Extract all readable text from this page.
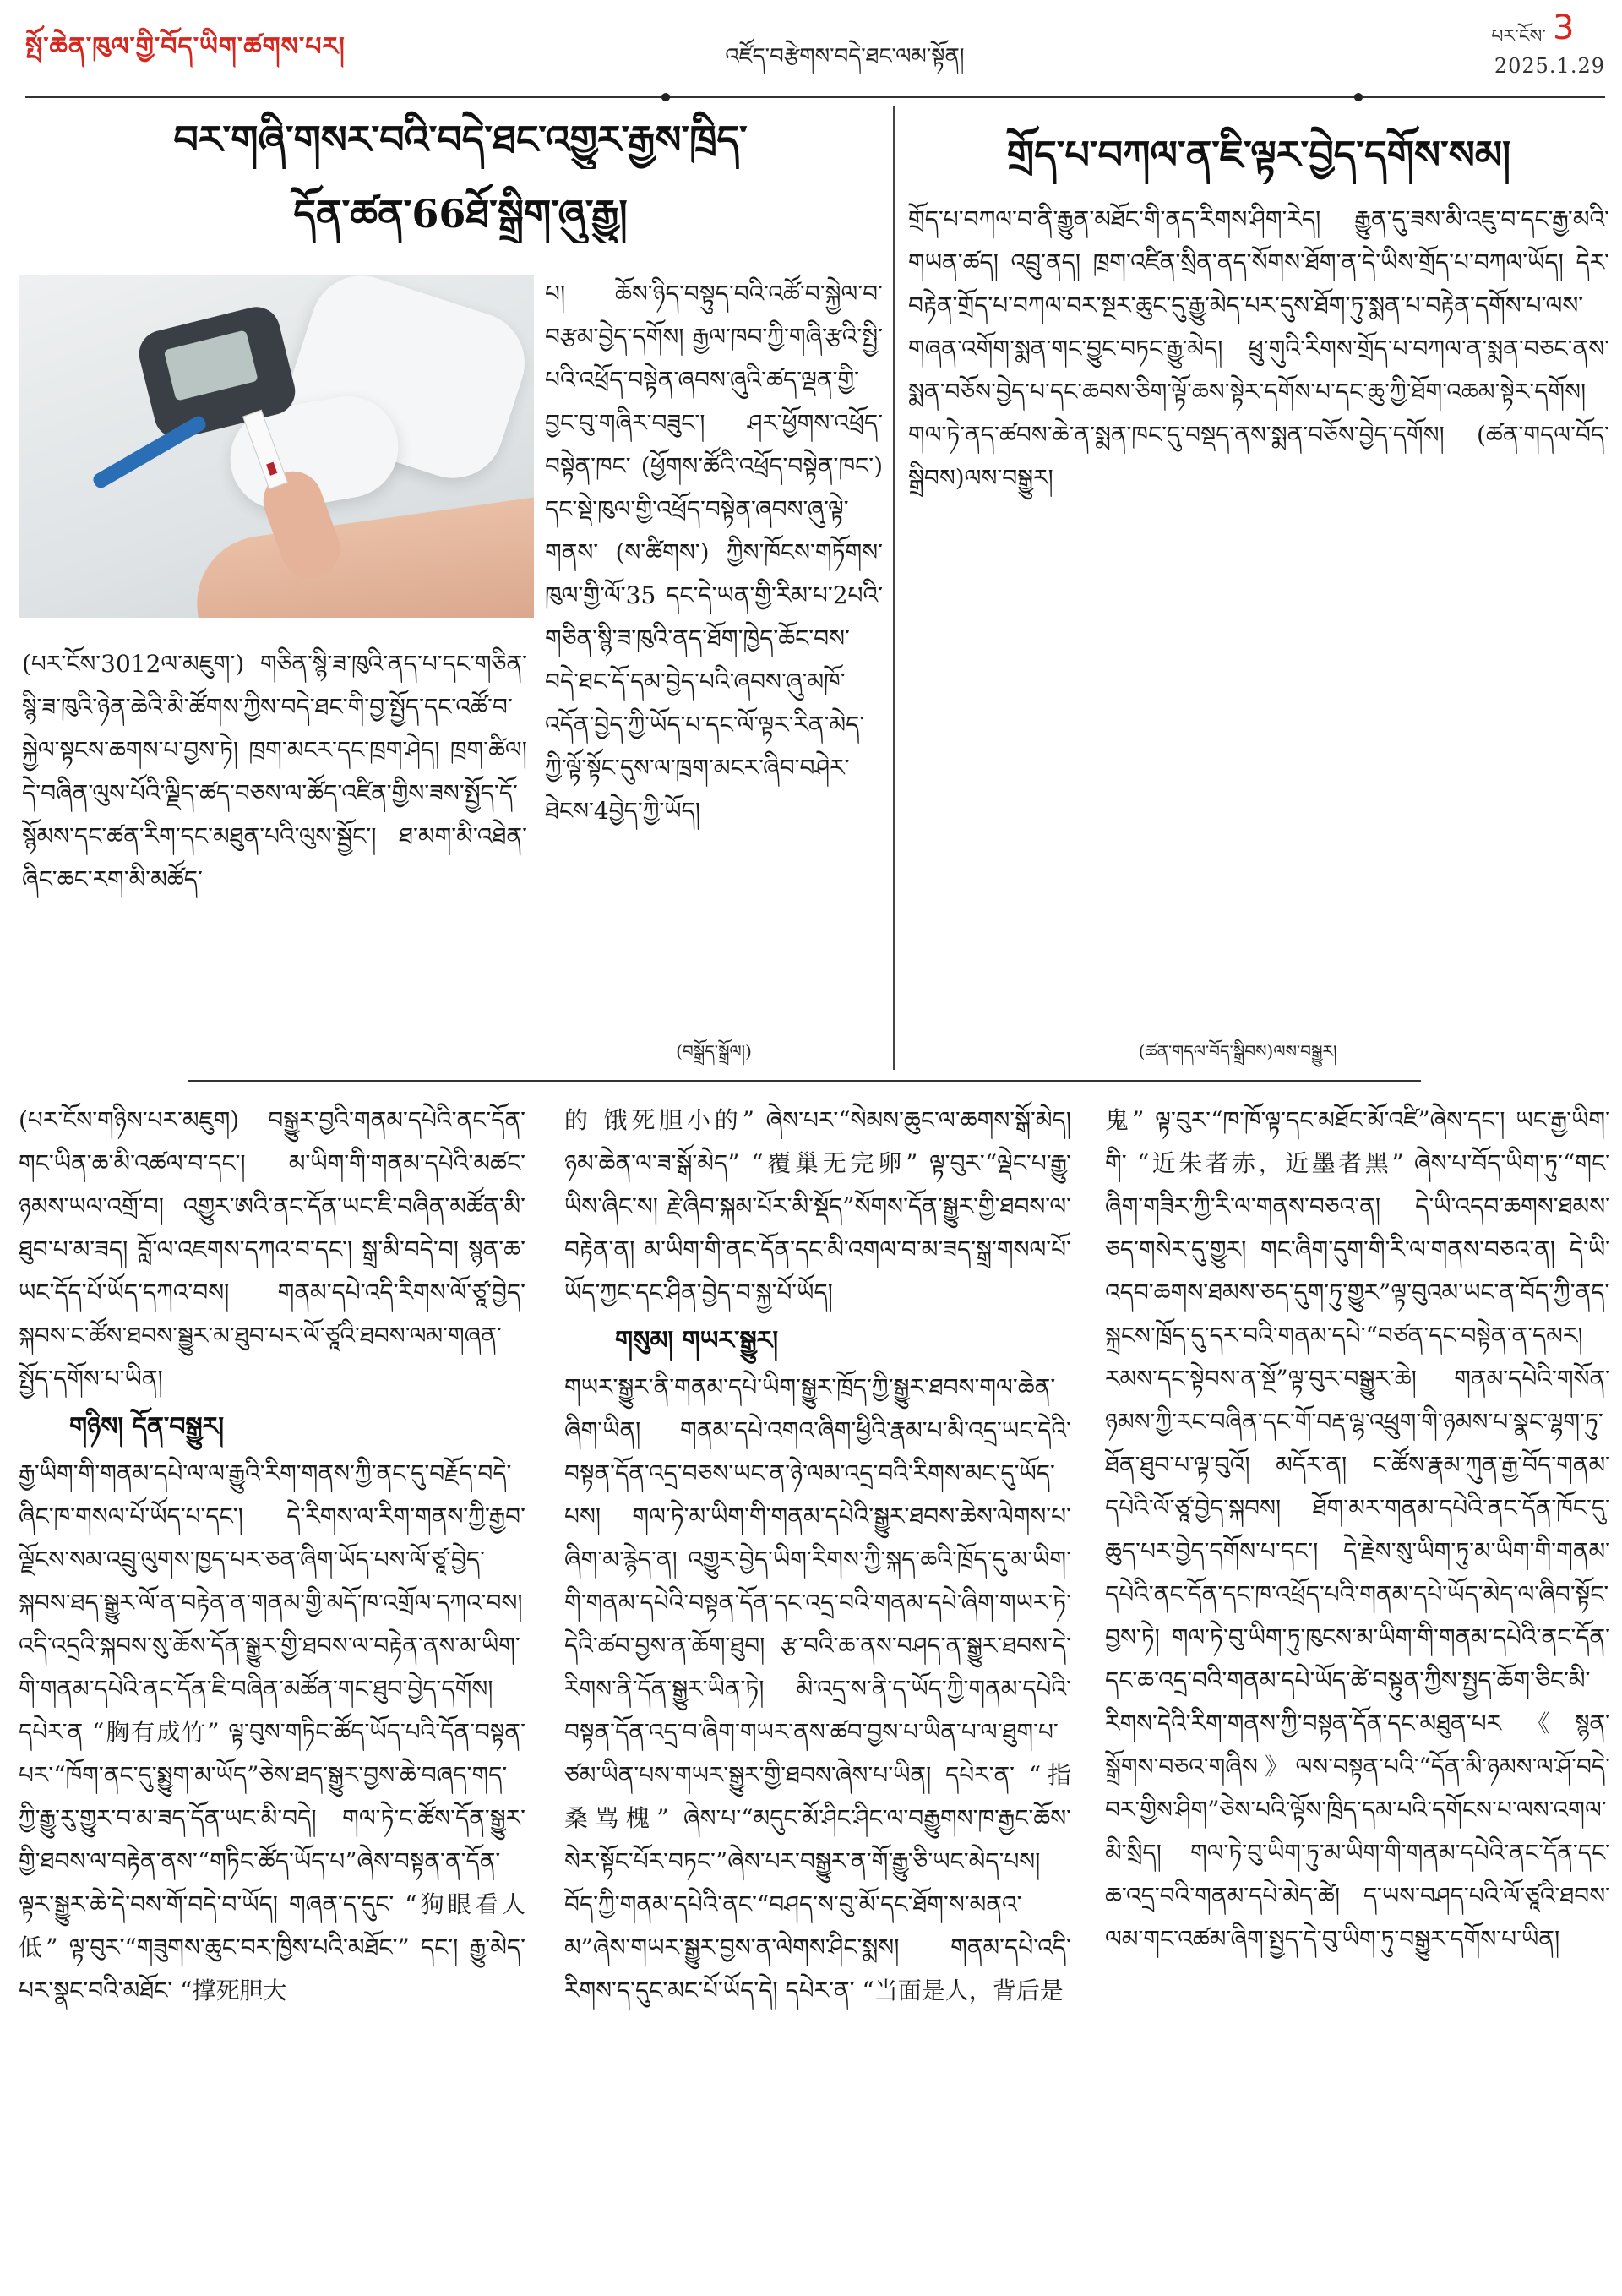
སྤོ་ཆེན་ཁུལ་གྱི་བོད་ཡིག་ཚགས་པར།	འཛོད་བརྩེགས་བདེ་ཐང་ལམ་སྟོན།
པར་ངོས་ 3
2025.1.29
བར་གཞི་གསར་བའི་བདེ་ཐང་འགྱུར་རྒྱས་ཁྲིད་
དོན་ཚན་66ཐོ་སྒྲིག་ཞུ་རྒྱུ།
(པར་ངོས་3012ལ་མཇུག་) གཅིན་སྙི་ཟ་ཁུའི་ནད་པ་དང་གཅིན་སྙི་ཟ་ཁུའི་ཉེན་ཆེའི་མི་ཚོགས་ཀྱིས་བདེ་ཐང་གི་བྱ་སྤྱོད་དང་འཚོ་བ་སྐྱེལ་སྟངས་ཆགས་པ་བྱས་ཏེ། ཁྲག་མངར་དང་ཁྲག་ཤེད། ཁྲག་ཚིལ། དེ་བཞིན་ལུས་པོའི་ལྗིད་ཚད་བཅས་ལ་ཚོད་འཛིན་གྱིས་ཟས་སྤྱོད་དོ་སྙོམས་དང་ཚན་རིག་དང་མཐུན་པའི་ལུས་སྦྱོང་། ཐ་མག་མི་འཐེན་ཞིང་ཆང་རག་མི་མཚོད་
པ། ཆོས་ཉིད་བསྟུད་བའི་འཚོ་བ་སྐྱེལ་བ་བརྩམ་བྱེད་དགོས། རྒྱལ་ཁབ་ཀྱི་གཞི་རྩའི་སྤྱི་པའི་འཕྲོད་བསྟེན་ཞབས་ཞུའི་ཚད་ལྡན་གྱི་བྱང་བུ་གཞིར་བཟུང་། ཤར་ཕྱོགས་འཕྲོད་བསྟེན་ཁང་ (ཕྱོགས་ཚོའི་འཕྲོད་བསྟེན་ཁང་) དང་སྡེ་ཁུལ་གྱི་འཕྲོད་བསྟེན་ཞབས་ཞུ་ལྟེ་གནས་ (ས་ཚིགས་) ཀྱིས་ཁོངས་གཏོགས་ཁུལ་གྱི་ལོ་35 དང་དེ་ཡན་གྱི་རིམ་པ་2པའི་གཅིན་སྙི་ཟ་ཁུའི་ནད་ཐོག་ཁྱེད་ཆོང་བས་བདེ་ཐང་དོ་དམ་བྱེད་པའི་ཞབས་ཞུ་མཁོ་འདོན་བྱེད་ཀྱི་ཡོད་པ་དང་ལོ་ལྟར་རིན་མེད་ཀྱི་ལྟོ་སྟོང་དུས་ལ་ཁྲག་མངར་ཞིབ་བཤེར་ཐེངས་4བྱེད་ཀྱི་ཡོད།
(བསྒྲོད་སྒྲོལ།)
གྲོད་པ་བཀལ་ན་ཇི་ལྟར་བྱེད་དགོས་སམ།
གྲོད་པ་བཀལ་བ་ནི་རྒྱུན་མཐོང་གི་ནད་རིགས་ཤིག་རེད། རྒྱུན་དུ་ཟས་མི་འཇུ་བ་དང་རྒྱ་མའི་གཡན་ཚད། འབྲུ་ནད། ཁྲག་འཛིན་སྲིན་ནད་སོགས་ཐོག་ན་དེ་ཡིས་གྲོད་པ་བཀལ་ཡོད། དེར་བརྟེན་གྲོད་པ་བཀལ་བར་སྔར་ཆུང་དུ་རྒྱུ་མེད་པར་དུས་ཐོག་ཏུ་སྨན་པ་བརྟེན་དགོས་པ་ལས་གཞན་འགོག་སྨན་གང་བྱུང་བཏང་རྒྱུ་མེད། ཕྲུ་གུའི་རིགས་གྲོད་པ་བཀལ་ན་སྨན་བཅང་ནས་སྨན་བཅོས་བྱེད་པ་དང་ཆབས་ཅིག་ལྟོ་ཆས་སྟེར་དགོས་པ་དང་ཆུ་ཀྱི་ཐོག་འཆམ་སྟེར་དགོས། གལ་ཏེ་ནད་ཚབས་ཆེ་ན་སྨན་ཁང་དུ་བསྡད་ནས་སྨན་བཅོས་བྱེད་དགོས། (ཚན་གདལ་བོད་སྒྲིབས)ལས་བསྒྱུར།
(ཚན་གདལ་བོད་སྒྲིབས)ལས་བསྒྱུར།
(པར་ངོས་གཉིས་པར་མཇུག) བསྒྱུར་བྱའི་གནམ་དཔེའི་ནང་དོན་གང་ཡིན་ཆ་མི་འཚལ་བ་དང་། མ་ཡིག་གི་གནམ་དཔེའི་མཚང་ཉམས་ཡལ་འགྲོ་བ། འགྱུར་ཨའི་ནང་དོན་ཡང་ཇི་བཞིན་མཚོན་མི་ཐུབ་པ་མ་ཟད། བློ་ལ་འཇགས་དཀའ་བ་དང་། སྒྲ་མི་བདེ་བ། སྙན་ཆ་ཡང་དོད་པོ་ཡོད་དཀའ་བས། གནམ་དཔེ་འདི་རིགས་ལོ་ཙཱ་བྱེད་སྐབས་ང་ཚོས་ཐབས་སྦྱུར་མ་ཐུབ་པར་ལོ་ཙཱའི་ཐབས་ལམ་གཞན་སྤྱོད་དགོས་པ་ཡིན།
གཉིས། དོན་བསྒྱུར།
རྒྱ་ཡིག་གི་གནམ་དཔེ་ལ་ལ་རྒྱུའི་རིག་གནས་ཀྱི་ནང་དུ་བརྗོད་བདེ་ཞིང་ཁ་གསལ་པོ་ཡོད་པ་དང་། དེ་རིགས་ལ་རིག་གནས་ཀྱི་རྒྱབ་ལྗོངས་སམ་འབྲུ་ལུགས་ཁྱད་པར་ཅན་ཞིག་ཡོད་པས་ལོ་ཙཱ་བྱེད་སྐབས་ཐད་སྒྱུར་ལོ་ན་བརྟེན་ན་གནམ་གྱི་མདོ་ཁ་འགྲོལ་དཀའ་བས། འདི་འདྲའི་སྐབས་སུ་ཆོས་དོན་སྒྱུར་གྱི་ཐབས་ལ་བརྟེན་ནས་མ་ཡིག་གི་གནམ་དཔེའི་ནང་དོན་ཇི་བཞིན་མཚོན་གང་ཐུབ་བྱེད་དགོས། དཔེར་ན “胸有成竹” ལྟ་བུས་གཏིང་ཚོད་ཡོད་པའི་དོན་བསྟན་པར་“ཁོག་ནང་དུ་སྨྱུག་མ་ཡོད”ཅེས་ཐད་སྒྱུར་བྱས་ཆེ་བཞད་གད་ཀྱི་རྒྱུ་རུ་གྱུར་བ་མ་ཟད་དོན་ཡང་མི་བདེ། གལ་ཏེ་ང་ཚོས་དོན་སྒྱུར་གྱི་ཐབས་ལ་བརྟེན་ནས་“གཏིང་ཚོད་ཡོད་པ”ཞེས་བསྟན་ན་དོན་ལྟར་སྒྱུར་ཆེ་དེ་བས་གོ་བདེ་བ་ཡོད། གཞན་ད་དུང་ “狗眼看人低” ལྟ་བུར་“གཟུགས་ཆུང་བར་ཁྱིས་པའི་མཐོང་” དང་། རྒྱུ་མེད་པར་སྣང་བའི་མཐོང་ “撑死胆大
的 饿死胆小的” ཞེས་པར་“སེམས་ཆུང་ལ་ཆགས་སྒོ་མེད། ཉམ་ཆེན་ལ་ཟ་སྒོ་མེད” “覆巢无完卵” ལྟ་བུར་“ལྡེང་པ་རྒྱུ་ཡིས་ཞིང་ས། རྗེ་ཞིབ་སྐམ་པོར་མི་སྡོད”སོགས་དོན་སྒྱུར་གྱི་ཐབས་ལ་བརྟེན་ན། མ་ཡིག་གི་ནང་དོན་དང་མི་འགལ་བ་མ་ཟད་སྒྲ་གསལ་པོ་ཡོད་ཀྱང་དང་ཤིན་བྱེད་བ་སྐྱ་པོ་ཡོད།
གསུམ། གཡར་སྒྱུར།
གཡར་སྒྱུར་ནི་གནམ་དཔེ་ཡིག་སྒྱུར་ཁྲོད་ཀྱི་སྒྱུར་ཐབས་གལ་ཆེན་ཞིག་ཡིན། གནམ་དཔེ་འགའ་ཞིག་ཕྱིའི་རྣམ་པ་མི་འདྲ་ཡང་དེའི་བསྟན་དོན་འདྲ་བཅས་ཡང་ན་ཉེ་ལམ་འདྲ་བའི་རིགས་མང་དུ་ཡོད་པས། གལ་ཏེ་མ་ཡིག་གི་གནམ་དཔེའི་སྒྱུར་ཐབས་ཆེས་ལེགས་པ་ཞིག་མ་རྙེད་ན། འགྱུར་བྱེད་ཡིག་རིགས་ཀྱི་སྐད་ཆའི་ཁྲོད་དུ་མ་ཡིག་གི་གནམ་དཔེའི་བསྟན་དོན་དང་འདྲ་བའི་གནམ་དཔེ་ཞིག་གཡར་ཏེ་དེའི་ཚབ་བྱས་ན་ཆོག་ཐུབ། རྩ་བའི་ཆ་ནས་བཤད་ན་སྒྱུར་ཐབས་དེ་རིགས་ནི་དོན་སྒྱུར་ཡིན་ཏེ། མི་འདྲ་ས་ནི་ད་ཡོད་ཀྱི་གནམ་དཔེའི་བསྟན་དོན་འདྲ་བ་ཞིག་གཡར་ནས་ཚབ་བྱས་པ་ཡིན་པ་ལ་ཐུག་པ་ཙམ་ཡིན་པས་གཡར་སྒྱུར་གྱི་ཐབས་ཞེས་པ་ཡིན། དཔེར་ན་ “指桑骂槐” ཞེས་པ་“མདུང་མོ་ཤིང་ཤིང་ལ་བརྒྱུགས་ཁ་རྒྱང་ཆོས་སེར་སྟོང་པོར་བཏང་”ཞེས་པར་བསྒྱུར་ན་གོ་རྒྱུ་ཅི་ཡང་མེད་པས། བོད་ཀྱི་གནམ་དཔེའི་ནང་“བཤད་ས་བུ་མོ་དང་ཐོག་ས་མནའ་མ”ཞེས་གཡར་སྒྱུར་བྱས་ན་ལེགས་ཤིང་སྨས། གནམ་དཔེ་འདི་རིགས་ད་དུང་མང་པོ་ཡོད་དེ། དཔེར་ན་ “当面是人，背后是
鬼” ལྟ་བུར་“ཁ་ཁོ་ལྟ་དང་མཐོང་མོ་འཛི”ཞེས་དང་། ཡང་རྒྱ་ཡིག་གི་ “近朱者赤，近墨者黑” ཞེས་པ་བོད་ཡིག་ཏུ་“གང་ཞིག་གཟིར་ཀྱི་རི་ལ་གནས་བཅའ་ན། དེ་ཡི་འདབ་ཆགས་ཐམས་ཅད་གསེར་དུ་གྱུར། གང་ཞིག་དུག་གི་རི་ལ་གནས་བཅའ་ན། དེ་ཡི་འདབ་ཆགས་ཐམས་ཅད་དུག་ཏུ་གྱུར”ལྟ་བུའམ་ཡང་ན་བོད་ཀྱི་ནད་སྐྲངས་ཁྲོད་དུ་དར་བའི་གནམ་དཔེ་“བཙན་དང་བསྟེན་ན་དམར། རམས་དང་སྟེབས་ན་སྔོ”ལྟ་བུར་བསྒྱུར་ཆེ། གནམ་དཔེའི་གསོན་ཉམས་ཀྱི་རང་བཞིན་དང་གོ་བརྡ་ལྷ་འཕྲུག་གི་ཉམས་པ་སྣང་ལྷག་ཏུ་ཐོན་ཐུབ་པ་ལྟ་བུའོ། མདོར་ན། ང་ཚོས་རྣམ་ཀུན་རྒྱ་བོད་གནམ་དཔེའི་ལོ་ཙཱ་བྱེད་སྐབས། ཐོག་མར་གནམ་དཔེའི་ནང་དོན་ཁོང་དུ་ཆུད་པར་བྱེད་དགོས་པ་དང་། དེ་རྗེས་སུ་ཡིག་ཏུ་མ་ཡིག་གི་གནམ་དཔེའི་ནང་དོན་དང་ཁ་འཕྲོད་པའི་གནམ་དཔེ་ཡོད་མེད་ལ་ཞིབ་སྟོང་བྱས་ཏེ། གལ་ཏེ་བུ་ཡིག་ཏུ་ཁུངས་མ་ཡིག་གི་གནམ་དཔེའི་ནང་དོན་དང་ཆ་འདྲ་བའི་གནམ་དཔེ་ཡོད་ཚེ་བསྟུན་ཀྱིས་སྤྱད་ཆོག་ཅིང་མི་རིགས་དེའི་རིག་གནས་ཀྱི་བསྟན་དོན་དང་མཐུན་པར《སྙན་སྒྲོགས་བཅའ་གཞིས》ལས་བསྟན་པའི་“དོན་མི་ཉམས་ལ་ཤོ་བདེ་བར་གྱིས་ཤིག”ཅེས་པའི་ལྟོས་ཁྲིད་དམ་པའི་དགོངས་པ་ལས་འགལ་མི་སྲིད། གལ་ཏེ་བུ་ཡིག་ཏུ་མ་ཡིག་གི་གནམ་དཔེའི་ནང་དོན་དང་ཆ་འདྲ་བའི་གནམ་དཔེ་མེད་ཚེ། ད་ཡས་བཤད་པའི་ལོ་ཙཱའི་ཐབས་ལམ་གང་འཚམ་ཞིག་སྤྱད་དེ་བུ་ཡིག་ཏུ་བསྒྱུར་དགོས་པ་ཡིན།
